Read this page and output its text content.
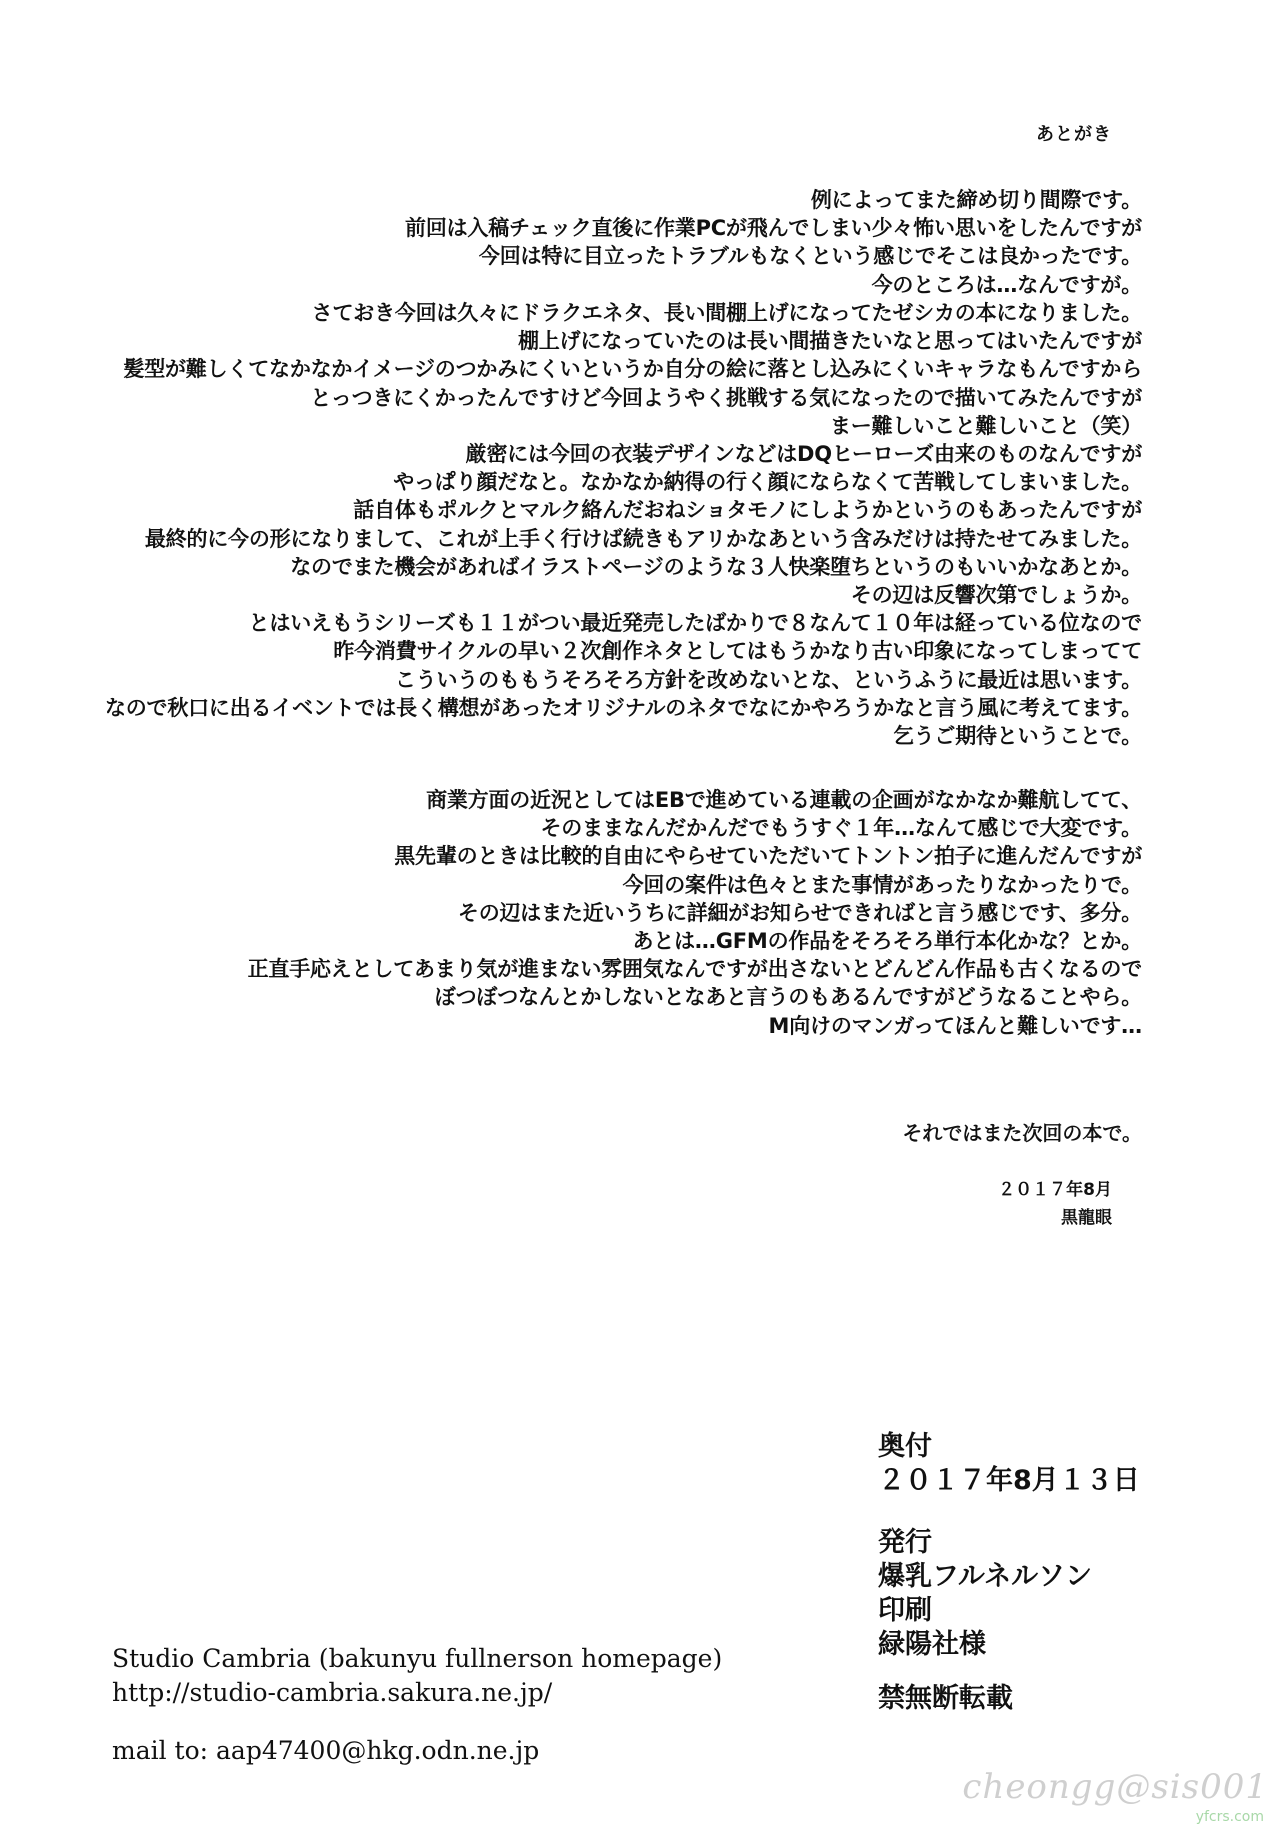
あとがき
例によってまた締め切り間際です。
前回は入稿チェック直後に作業PCが飛んでしまい少々怖い思いをしたんですが
今回は特に目立ったトラブルもなくという感じでそこは良かったです。
今のところは…なんですが。
さておき今回は久々にドラクエネタ、長い間棚上げになってたゼシカの本になりました。
棚上げになっていたのは長い間描きたいなと思ってはいたんですが
髪型が難しくてなかなかイメージのつかみにくいというか自分の絵に落とし込みにくいキャラなもんですから
とっつきにくかったんですけど今回ようやく挑戦する気になったので描いてみたんですが
まー難しいこと難しいこと（笑）
厳密には今回の衣装デザインなどはDQヒーローズ由来のものなんですが
やっぱり顔だなと。なかなか納得の行く顔にならなくて苦戦してしまいました。
話自体もポルクとマルク絡んだおねショタモノにしようかというのもあったんですが
最終的に今の形になりまして、これが上手く行けば続きもアリかなあという含みだけは持たせてみました。
なのでまた機会があればイラストページのような３人快楽堕ちというのもいいかなあとか。
その辺は反響次第でしょうか。
とはいえもうシリーズも１１がつい最近発売したばかりで８なんて１０年は経っている位なので
昨今消費サイクルの早い２次創作ネタとしてはもうかなり古い印象になってしまってて
こういうのももうそろそろ方針を改めないとな、というふうに最近は思います。
なので秋口に出るイベントでは長く構想があったオリジナルのネタでなにかやろうかなと言う風に考えてます。
乞うご期待ということで。
商業方面の近況としてはEBで進めている連載の企画がなかなか難航してて、
そのままなんだかんだでもうすぐ１年…なんて感じで大変です。
黒先輩のときは比較的自由にやらせていただいてトントン拍子に進んだんですが
今回の案件は色々とまた事情があったりなかったりで。
その辺はまた近いうちに詳細がお知らせできればと言う感じです、多分。
あとは…GFMの作品をそろそろ単行本化かな？とか。
正直手応えとしてあまり気が進まない雰囲気なんですが出さないとどんどん作品も古くなるので
ぼつぼつなんとかしないとなあと言うのもあるんですがどうなることやら。
M向けのマンガってほんと難しいです…
それではまた次回の本で。
２０１７年8月
黒龍眼
奥付
２０１７年8月１３日
発行
爆乳フルネルソン
印刷
緑陽社様
禁無断転載
Studio Cambria (bakunyu fullnerson homepage)
http://studio-cambria.sakura.ne.jp/
mail to: aap47400@hkg.odn.ne.jp
cheongg@sis001
yfcrs.com
